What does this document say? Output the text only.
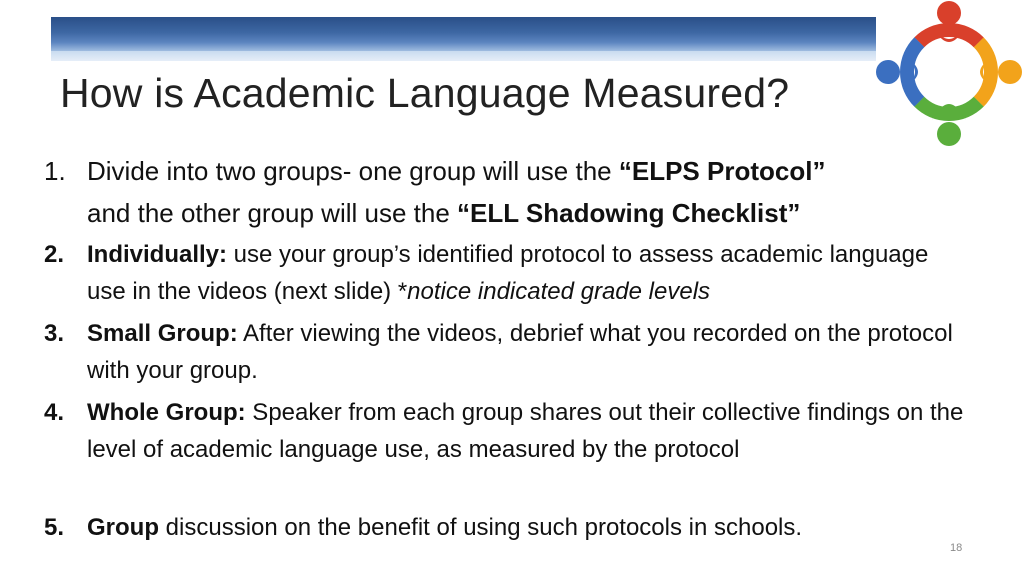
How is Academic Language Measured?
1. Divide into two groups- one group will use the “ELPS Protocol”
and the other group will use the “ELL Shadowing Checklist”
2. Individually: use your group’s identified protocol to assess academic language use in the videos (next slide) *notice indicated grade levels
3. Small Group: After viewing the videos, debrief what you recorded on the protocol with your group.
4. Whole Group: Speaker from each group shares out their collective findings on the level of academic language use, as measured by the protocol
5. Group discussion on the benefit of using such protocols in schools.
18
